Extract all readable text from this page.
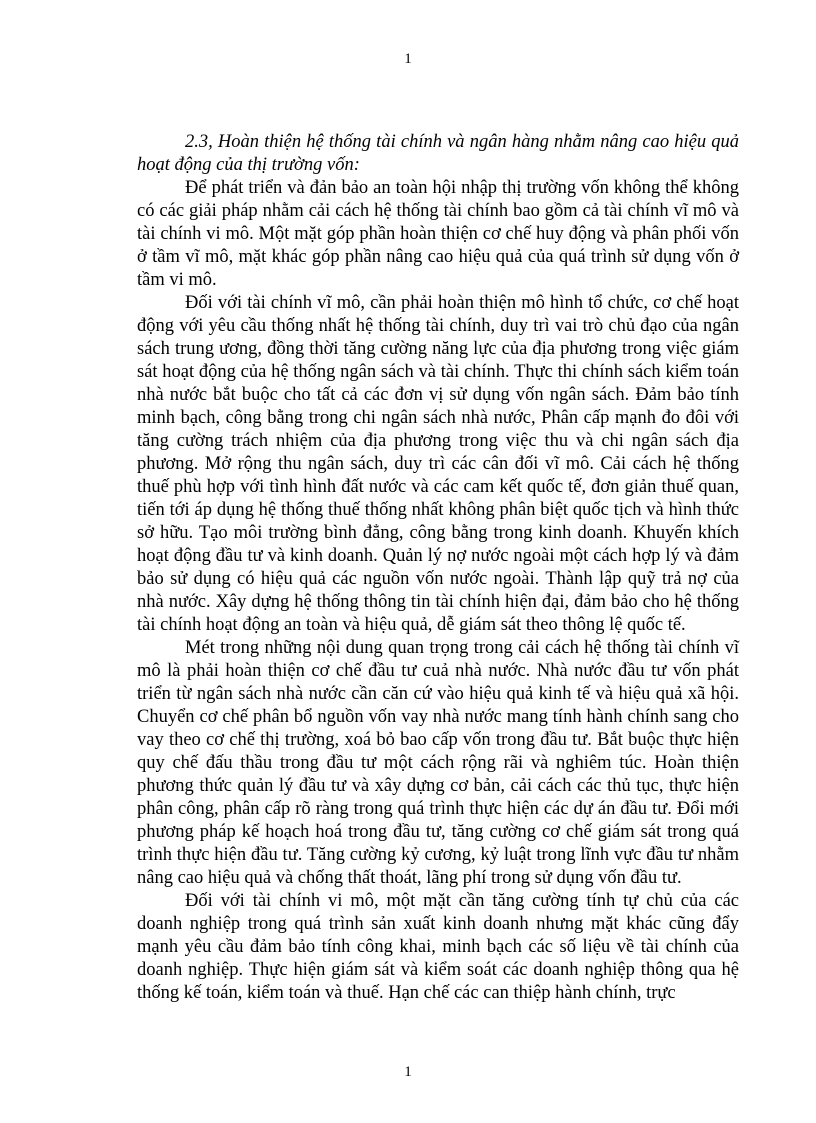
1

2.3, Hoàn thiện hệ thống tài chính và ngân hàng nhằm nâng cao hiệu quả hoạt động của thị trường vốn:

Để phát triển và đản bảo an toàn hội nhập thị trường vốn không thể không có các giải pháp nhằm cải cách hệ thống tài chính bao gồm cả tài chính vĩ mô và tài chính vi mô. Một mặt góp phần hoàn thiện cơ chế huy động và phân phối vốn ở tầm vĩ mô, mặt khác góp phần nâng cao hiệu quả của quá trình sử dụng vốn ở tầm vi mô.

Đối với tài chính vĩ mô, cần phải hoàn thiện mô hình tổ chức, cơ chế hoạt động với yêu cầu thống nhất hệ thống tài chính, duy trì vai trò chủ đạo của ngân sách trung ương, đồng thời tăng cường năng lực của địa phương trong việc giám sát hoạt động của hệ thống ngân sách và tài chính. Thực thi chính sách kiểm toán nhà nước bắt buộc cho tất cả các đơn vị sử dụng vốn ngân sách. Đảm bảo tính minh bạch, công bằng trong chi ngân sách nhà nước, Phân cấp mạnh đo đôi với tăng cường trách nhiệm của địa phương trong việc thu và chi ngân sách địa phương. Mở rộng thu ngân sách, duy trì các cân đối vĩ mô. Cải cách hệ thống thuế phù hợp với tình hình đất nước và các cam kết quốc tế, đơn giản thuế quan, tiến tới áp dụng hệ thống thuế thống nhất không phân biệt quốc tịch và hình thức sở hữu. Tạo môi trường bình đẳng, công bằng trong kinh doanh. Khuyến khích hoạt động đầu tư và kinh doanh. Quản lý nợ nước ngoài một cách hợp lý và đảm bảo sử dụng có hiệu quả các nguồn vốn nước ngoài. Thành lập quỹ trả nợ của nhà nước. Xây dựng hệ thống thông tin tài chính hiện đại, đảm bảo cho hệ thống tài chính hoạt động an toàn và hiệu quả, dễ giám sát theo thông lệ quốc tế.

Mét trong những nội dung quan trọng trong cải cách hệ thống tài chính vĩ mô là phải hoàn thiện cơ chế đầu tư cuả nhà nước. Nhà nước đầu tư vốn phát triển từ ngân sách nhà nước cần căn cứ vào hiệu quả kinh tế và hiệu quả xã hội. Chuyển cơ chế phân bổ nguồn vốn vay nhà nước mang tính hành chính sang cho vay theo cơ chế thị trường, xoá bỏ bao cấp vốn trong đầu tư. Bắt buộc thực hiện quy chế đấu thầu trong đầu tư một cách rộng rãi và nghiêm túc. Hoàn thiện phương thức quản lý đầu tư và xây dựng cơ bản, cải cách các thủ tục, thực hiện phân công, phân cấp rõ ràng trong quá trình thực hiện các dự án đầu tư. Đổi mới phương pháp kế hoạch hoá trong đầu tư, tăng cường cơ chế giám sát trong quá trình thực hiện đầu tư. Tăng cường kỷ cương, kỷ luật trong lĩnh vực đầu tư nhằm nâng cao hiệu quả và chống thất thoát, lãng phí trong sử dụng vốn đầu tư.

Đối với tài chính vi mô, một mặt cần tăng cường tính tự chủ của các doanh nghiệp trong quá trình sản xuất kinh doanh nhưng mặt khác cũng đẩy mạnh yêu cầu đảm bảo tính công khai, minh bạch các số liệu về tài chính của doanh nghiệp. Thực hiện giám sát và kiểm soát các doanh nghiệp thông qua hệ thống kế toán, kiểm toán và thuế. Hạn chế các can thiệp hành chính, trực

1
